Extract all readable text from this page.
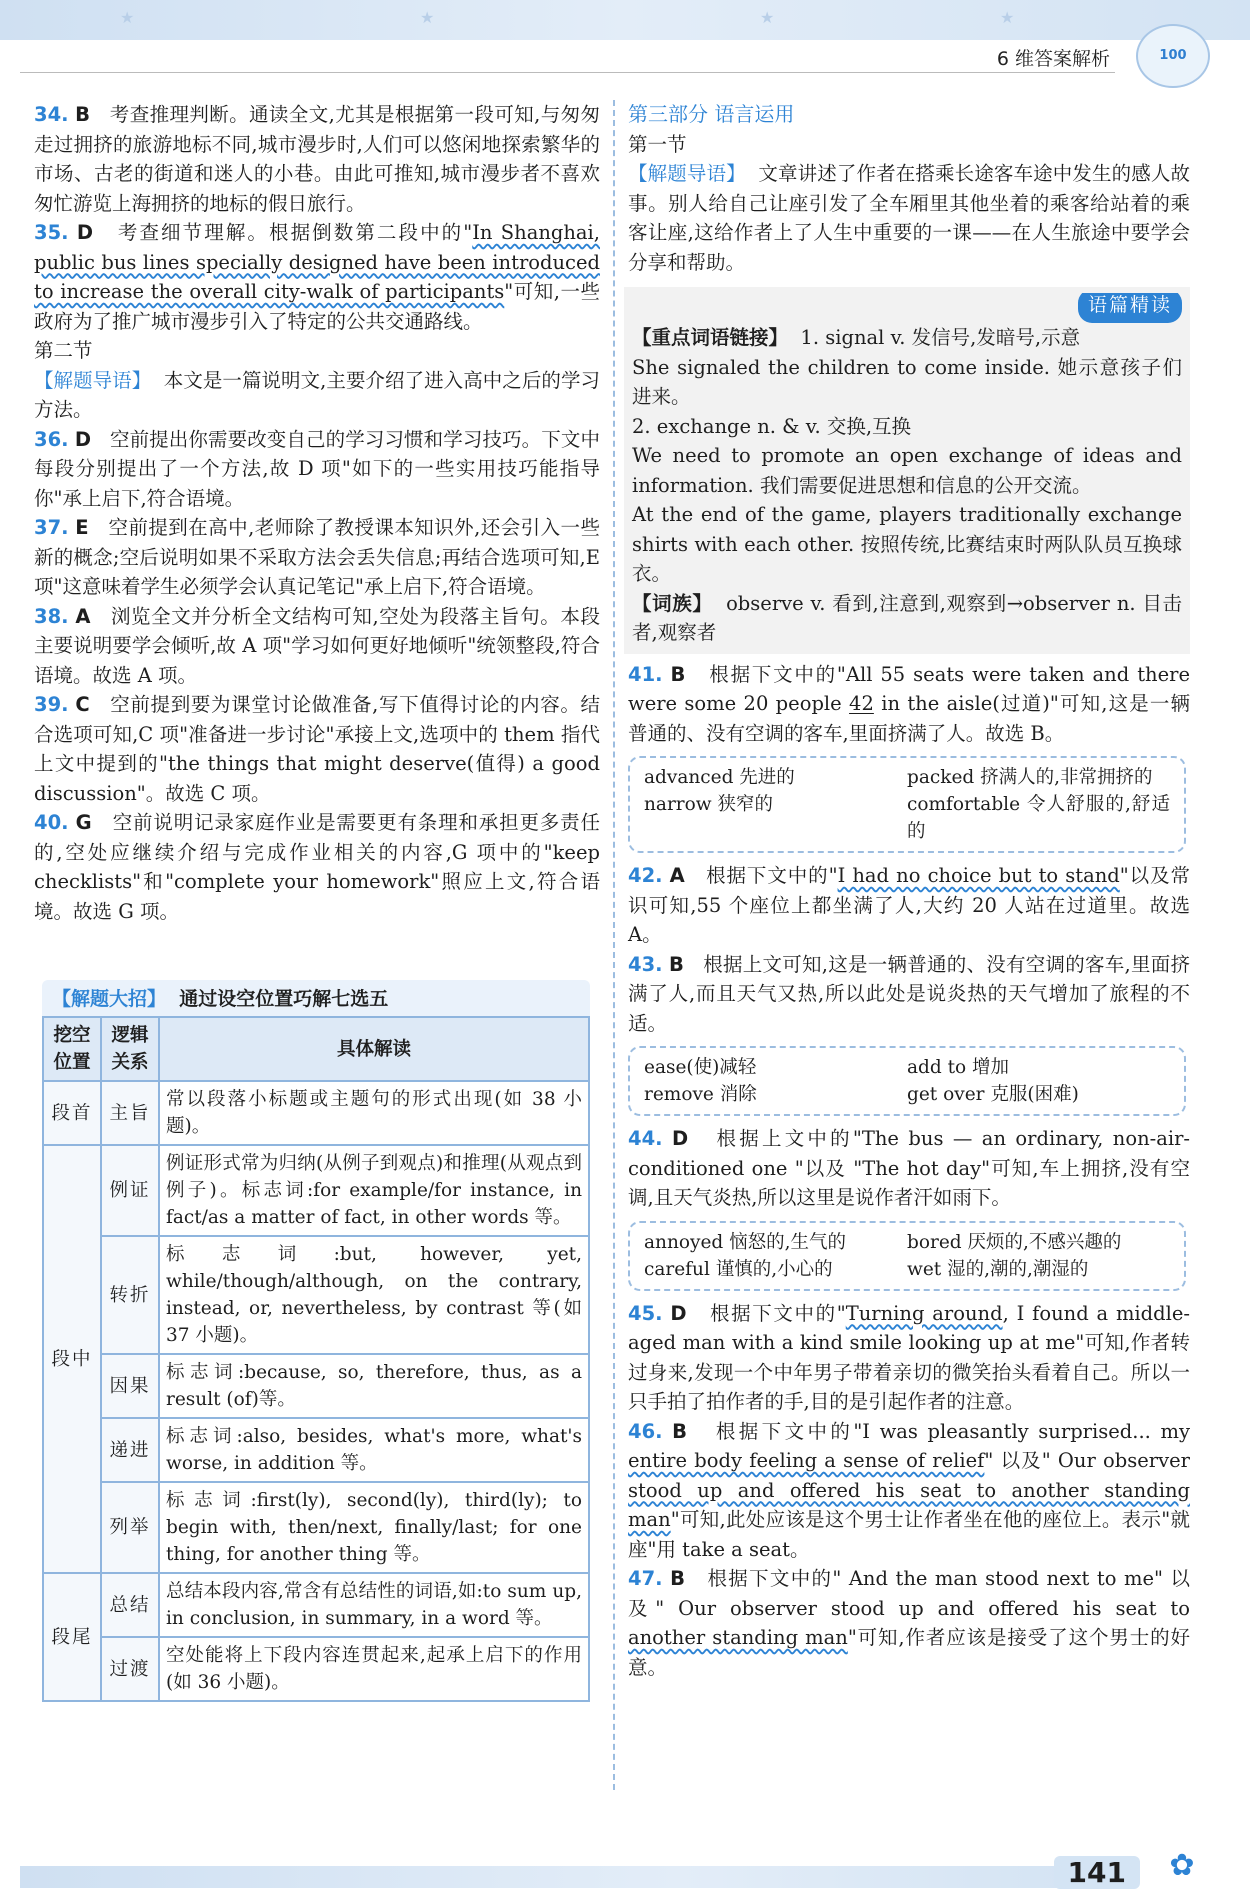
★	★	★	★
6 维答案解析	100

34. B 考查推理判断。通读全文,尤其是根据第一段可知,与匆匆走过拥挤的旅游地标不同,城市漫步时,人们可以悠闲地探索繁华的市场、古老的街道和迷人的小巷。由此可推知,城市漫步者不喜欢匆忙游览上海拥挤的地标的假日旅行。

35. D 考查细节理解。根据倒数第二段中的"In Shanghai, public bus lines specially designed have been introduced to increase the overall city-walk of participants"可知,一些政府为了推广城市漫步引入了特定的公共交通路线。

第二节

【解题导语】 本文是一篇说明文,主要介绍了进入高中之后的学习方法。

36. D 空前提出你需要改变自己的学习习惯和学习技巧。下文中每段分别提出了一个方法,故 D 项"如下的一些实用技巧能指导你"承上启下,符合语境。

37. E 空前提到在高中,老师除了教授课本知识外,还会引入一些新的概念;空后说明如果不采取方法会丢失信息;再结合选项可知,E 项"这意味着学生必须学会认真记笔记"承上启下,符合语境。

38. A 浏览全文并分析全文结构可知,空处为段落主旨句。本段主要说明要学会倾听,故 A 项"学习如何更好地倾听"统领整段,符合语境。故选 A 项。

39. C 空前提到要为课堂讨论做准备,写下值得讨论的内容。结合选项可知,C 项"准备进一步讨论"承接上文,选项中的 them 指代上文中提到的"the things that might deserve(值得) a good discussion"。故选 C 项。

40. G 空前说明记录家庭作业是需要更有条理和承担更多责任的,空处应继续介绍与完成作业相关的内容,G 项中的"keep checklists"和"complete your homework"照应上文,符合语境。故选 G 项。

【解题大招】 通过设空位置巧解七选五
挖空位置	逻辑关系	具体解读
段首	主旨	常以段落小标题或主题句的形式出现(如 38 小题)。
段中	例证	例证形式常为归纳(从例子到观点)和推理(从观点到例子)。标志词:for example/for instance, in fact/as a matter of fact, in other words 等。
	转折	标志词:but, however, yet, while/though/although, on the contrary, instead, or, nevertheless, by contrast 等(如 37 小题)。
	因果	标志词:because, so, therefore, thus, as a result (of)等。
	递进	标志词:also, besides, what's more, what's worse, in addition 等。
	列举	标志词:first(ly), second(ly), third(ly); to begin with, then/next, finally/last; for one thing, for another thing 等。
段尾	总结	总结本段内容,常含有总结性的词语,如:to sum up, in conclusion, in summary, in a word 等。
	过渡	空处能将上下段内容连贯起来,起承上启下的作用(如 36 小题)。

第三部分 语言运用

第一节

【解题导语】 文章讲述了作者在搭乘长途客车途中发生的感人故事。别人给自己让座引发了全车厢里其他坐着的乘客给站着的乘客让座,这给作者上了人生中重要的一课——在人生旅途中要学会分享和帮助。

语篇精读

【重点词语链接】 1. signal v. 发信号,发暗号,示意

She signaled the children to come inside. 她示意孩子们进来。

2. exchange n. & v. 交换,互换

We need to promote an open exchange of ideas and information. 我们需要促进思想和信息的公开交流。

At the end of the game, players traditionally exchange shirts with each other. 按照传统,比赛结束时两队队员互换球衣。

【词族】 observe v. 看到,注意到,观察到→observer n. 目击者,观察者

41. B 根据下文中的"All 55 seats were taken and there were some 20 people 42 in the aisle(过道)"可知,这是一辆普通的、没有空调的客车,里面挤满了人。故选 B。

advanced 先进的	packed 挤满人的,非常拥挤的
narrow 狭窄的	comfortable 令人舒服的,舒适的

42. A 根据下文中的"I had no choice but to stand"以及常识可知,55 个座位上都坐满了人,大约 20 人站在过道里。故选 A。

43. B 根据上文可知,这是一辆普通的、没有空调的客车,里面挤满了人,而且天气又热,所以此处是说炎热的天气增加了旅程的不适。

ease(使)减轻	add to 增加
remove 消除	get over 克服(困难)

44. D 根据上文中的"The bus — an ordinary, non-air-conditioned one "以及 "The hot day"可知,车上拥挤,没有空调,且天气炎热,所以这里是说作者汗如雨下。

annoyed 恼怒的,生气的	bored 厌烦的,不感兴趣的
careful 谨慎的,小心的	wet 湿的,潮的,潮湿的

45. D 根据下文中的"Turning around, I found a middle-aged man with a kind smile looking up at me"可知,作者转过身来,发现一个中年男子带着亲切的微笑抬头看着自己。所以一只手拍了拍作者的手,目的是引起作者的注意。

46. B 根据下文中的"I was pleasantly surprised... my entire body feeling a sense of relief" 以及" Our observer stood up and offered his seat to another standing man"可知,此处应该是这个男士让作者坐在他的座位上。表示"就座"用 take a seat。

47. B 根据下文中的" And the man stood next to me" 以及" Our observer stood up and offered his seat to another standing man"可知,作者应该是接受了这个男士的好意。

141	✿
